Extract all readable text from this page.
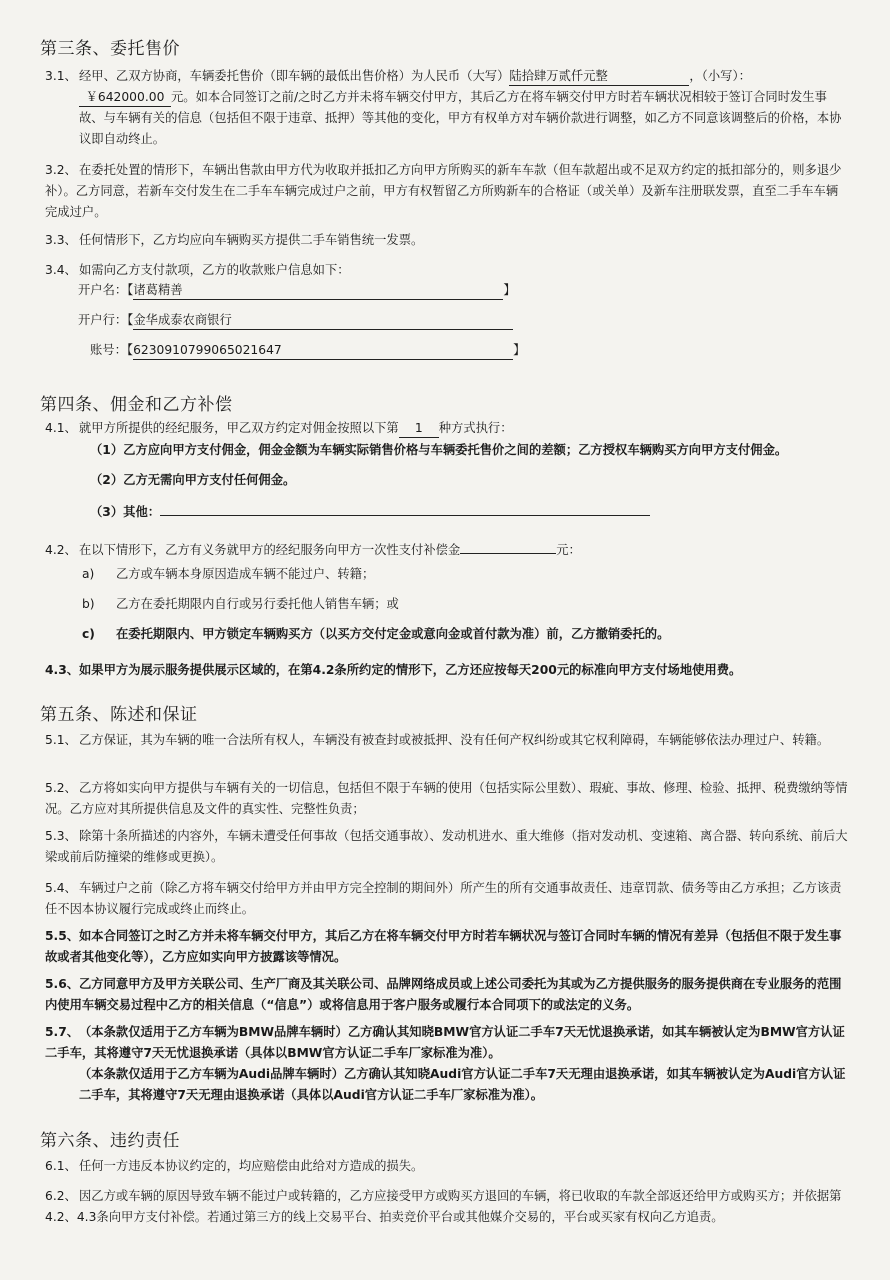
第三条、委托售价
3.1、 经甲、乙双方协商，车辆委托售价（即车辆的最低出售价格）为人民币（大写）陆拾肆万贰仟元整	，（小写）：
￥642000.00 元。如本合同签订之前/之时乙方并未将车辆交付甲方，其后乙方在将车辆交付甲方时若车辆状况相较于签订合同时发生事故、与车辆有关的信息（包括但不限于违章、抵押）等其他的变化，甲方有权单方对车辆价款进行调整，如乙方不同意该调整后的价格，本协议即自动终止。
3.2、 在委托处置的情形下，车辆出售款由甲方代为收取并抵扣乙方向甲方所购买的新车车款（但车款超出或不足双方约定的抵扣部分的，则多退少补）。乙方同意，若新车交付发生在二手车车辆完成过户之前，甲方有权暂留乙方所购新车的合格证（或关单）及新车注册联发票，直至二手车车辆完成过户。
3.3、 任何情形下，乙方均应向车辆购买方提供二手车销售统一发票。
3.4、 如需向乙方支付款项，乙方的收款账户信息如下：
开户名：【诸葛精善	】
开户行：【金华成泰农商银行
账号：【6230910799065021647	】
第四条、佣金和乙方补偿
4.1、 就甲方所提供的经纪服务，甲乙双方约定对佣金按照以下第 1 种方式执行：
（1）乙方应向甲方支付佣金，佣金金额为车辆实际销售价格与车辆委托售价之间的差额；乙方授权车辆购买方向甲方支付佣金。
（2）乙方无需向甲方支付任何佣金。
（3）其他：
4.2、 在以下情形下，乙方有义务就甲方的经纪服务向甲方一次性支付补偿金	元：
a) 乙方或车辆本身原因造成车辆不能过户、转籍；
b) 乙方在委托期限内自行或另行委托他人销售车辆；或
c) 在委托期限内、甲方锁定车辆购买方（以买方交付定金或意向金或首付款为准）前，乙方撤销委托的。
4.3、如果甲方为展示服务提供展示区域的，在第4.2条所约定的情形下，乙方还应按每天200元的标准向甲方支付场地使用费。
第五条、陈述和保证
5.1、 乙方保证，其为车辆的唯一合法所有权人，车辆没有被查封或被抵押、没有任何产权纠纷或其它权利障碍，车辆能够依法办理过户、转籍。
5.2、 乙方将如实向甲方提供与车辆有关的一切信息，包括但不限于车辆的使用（包括实际公里数）、瑕疵、事故、修理、检验、抵押、税费缴纳等情况。乙方应对其所提供信息及文件的真实性、完整性负责；
5.3、 除第十条所描述的内容外，车辆未遭受任何事故（包括交通事故）、发动机进水、重大维修（指对发动机、变速箱、离合器、转向系统、前后大梁或前后防撞梁的维修或更换）。
5.4、 车辆过户之前（除乙方将车辆交付给甲方并由甲方完全控制的期间外）所产生的所有交通事故责任、违章罚款、债务等由乙方承担；乙方该责任不因本协议履行完成或终止而终止。
5.5、如本合同签订之时乙方并未将车辆交付甲方，其后乙方在将车辆交付甲方时若车辆状况与签订合同时车辆的情况有差异（包括但不限于发生事故或者其他变化等），乙方应如实向甲方披露该等情况。
5.6、乙方同意甲方及甲方关联公司、生产厂商及其关联公司、品牌网络成员或上述公司委托为其或为乙方提供服务的服务提供商在专业服务的范围内使用车辆交易过程中乙方的相关信息（“信息”）或将信息用于客户服务或履行本合同项下的或法定的义务。
5.7、（本条款仅适用于乙方车辆为BMW品牌车辆时）乙方确认其知晓BMW官方认证二手车7天无忧退换承诺，如其车辆被认定为BMW官方认证二手车，其将遵守7天无忧退换承诺（具体以BMW官方认证二手车厂家标准为准）。
（本条款仅适用于乙方车辆为Audi品牌车辆时）乙方确认其知晓Audi官方认证二手车7天无理由退换承诺，如其车辆被认定为Audi官方认证二手车，其将遵守7天无理由退换承诺（具体以Audi官方认证二手车厂家标准为准）。
第六条、违约责任
6.1、 任何一方违反本协议约定的，均应赔偿由此给对方造成的损失。
6.2、 因乙方或车辆的原因导致车辆不能过户或转籍的，乙方应接受甲方或购买方退回的车辆，将已收取的车款全部返还给甲方或购买方；并依据第4.2、4.3条向甲方支付补偿。若通过第三方的线上交易平台、拍卖竞价平台或其他媒介交易的，平台或买家有权向乙方追责。
